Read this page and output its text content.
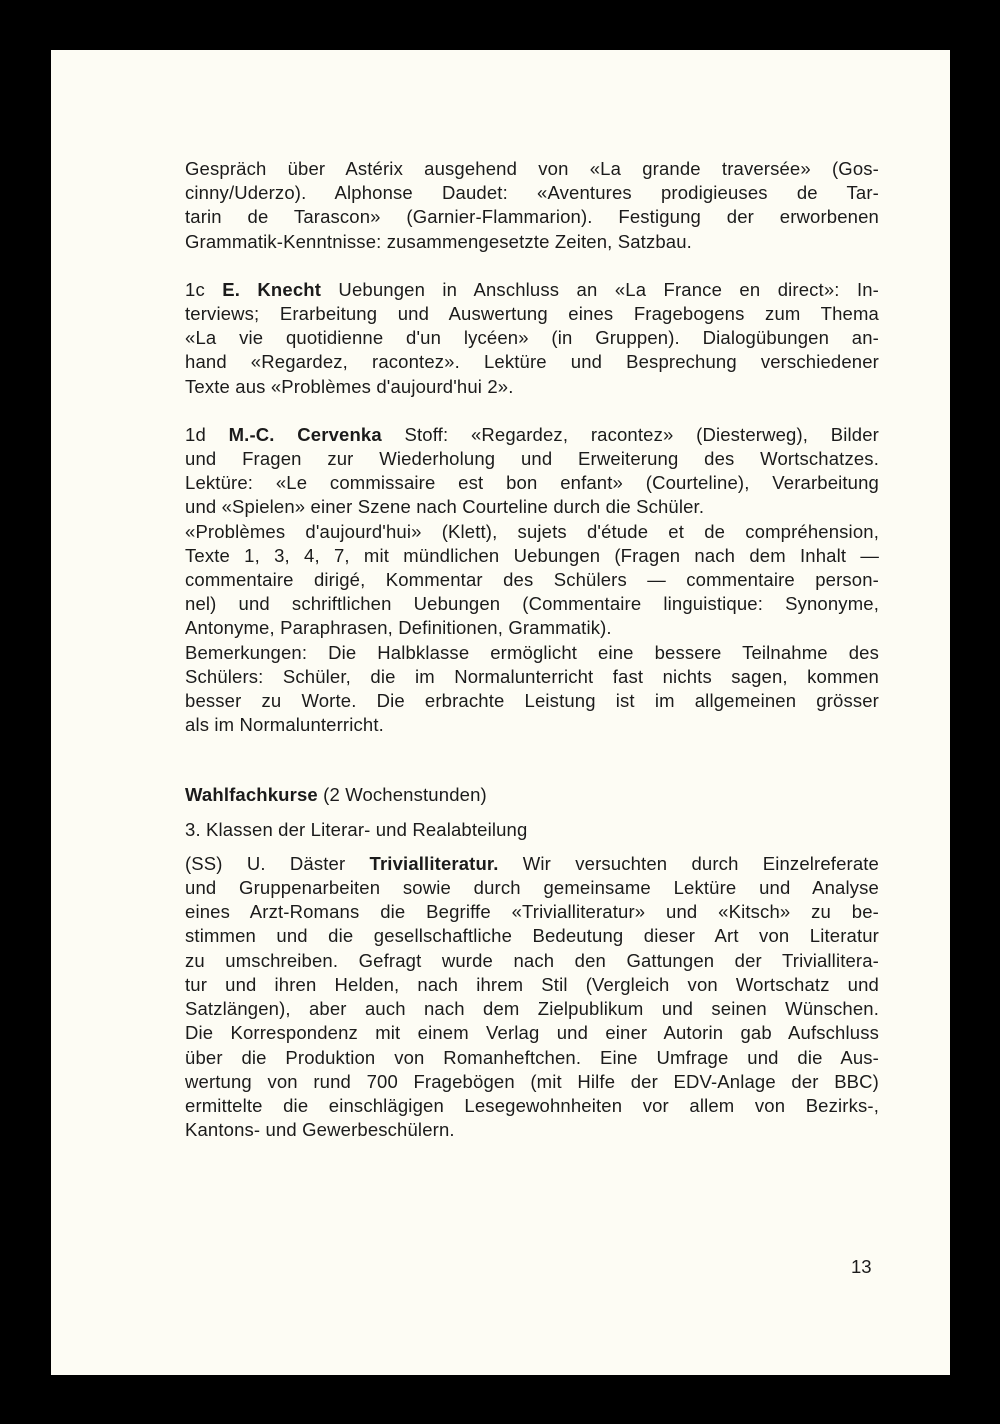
Gespräch über Astérix ausgehend von «La grande traversée» (Gos-
cinny/Uderzo). Alphonse Daudet: «Aventures prodigieuses de Tar-
tarin de Tarascon» (Garnier-Flammarion). Festigung der erworbenen
Grammatik-Kenntnisse: zusammengesetzte Zeiten, Satzbau.
1c E. Knecht Uebungen in Anschluss an «La France en direct»: In-
terviews; Erarbeitung und Auswertung eines Fragebogens zum Thema
«La vie quotidienne d'un lycéen» (in Gruppen). Dialogübungen an-
hand «Regardez, racontez». Lektüre und Besprechung verschiedener
Texte aus «Problèmes d'aujourd'hui 2».
1d M.-C. Cervenka Stoff: «Regardez, racontez» (Diesterweg), Bilder
und Fragen zur Wiederholung und Erweiterung des Wortschatzes.
Lektüre: «Le commissaire est bon enfant» (Courteline), Verarbeitung
und «Spielen» einer Szene nach Courteline durch die Schüler.
«Problèmes d'aujourd'hui» (Klett), sujets d'étude et de compréhension,
Texte 1, 3, 4, 7, mit mündlichen Uebungen (Fragen nach dem Inhalt —
commentaire dirigé, Kommentar des Schülers — commentaire person-
nel) und schriftlichen Uebungen (Commentaire linguistique: Synonyme,
Antonyme, Paraphrasen, Definitionen, Grammatik).
Bemerkungen: Die Halbklasse ermöglicht eine bessere Teilnahme des
Schülers: Schüler, die im Normalunterricht fast nichts sagen, kommen
besser zu Worte. Die erbrachte Leistung ist im allgemeinen grösser
als im Normalunterricht.

Wahlfachkurse (2 Wochenstunden)

3. Klassen der Literar- und Realabteilung

(SS) U. Däster Trivialliteratur. Wir versuchten durch Einzelreferate
und Gruppenarbeiten sowie durch gemeinsame Lektüre und Analyse
eines Arzt-Romans die Begriffe «Trivialliteratur» und «Kitsch» zu be-
stimmen und die gesellschaftliche Bedeutung dieser Art von Literatur
zu umschreiben. Gefragt wurde nach den Gattungen der Triviallitera-
tur und ihren Helden, nach ihrem Stil (Vergleich von Wortschatz und
Satzlängen), aber auch nach dem Zielpublikum und seinen Wünschen.
Die Korrespondenz mit einem Verlag und einer Autorin gab Aufschluss
über die Produktion von Romanheftchen. Eine Umfrage und die Aus-
wertung von rund 700 Fragebögen (mit Hilfe der EDV-Anlage der BBC)
ermittelte die einschlägigen Lesegewohnheiten vor allem von Bezirks-,
Kantons- und Gewerbeschülern.
13
